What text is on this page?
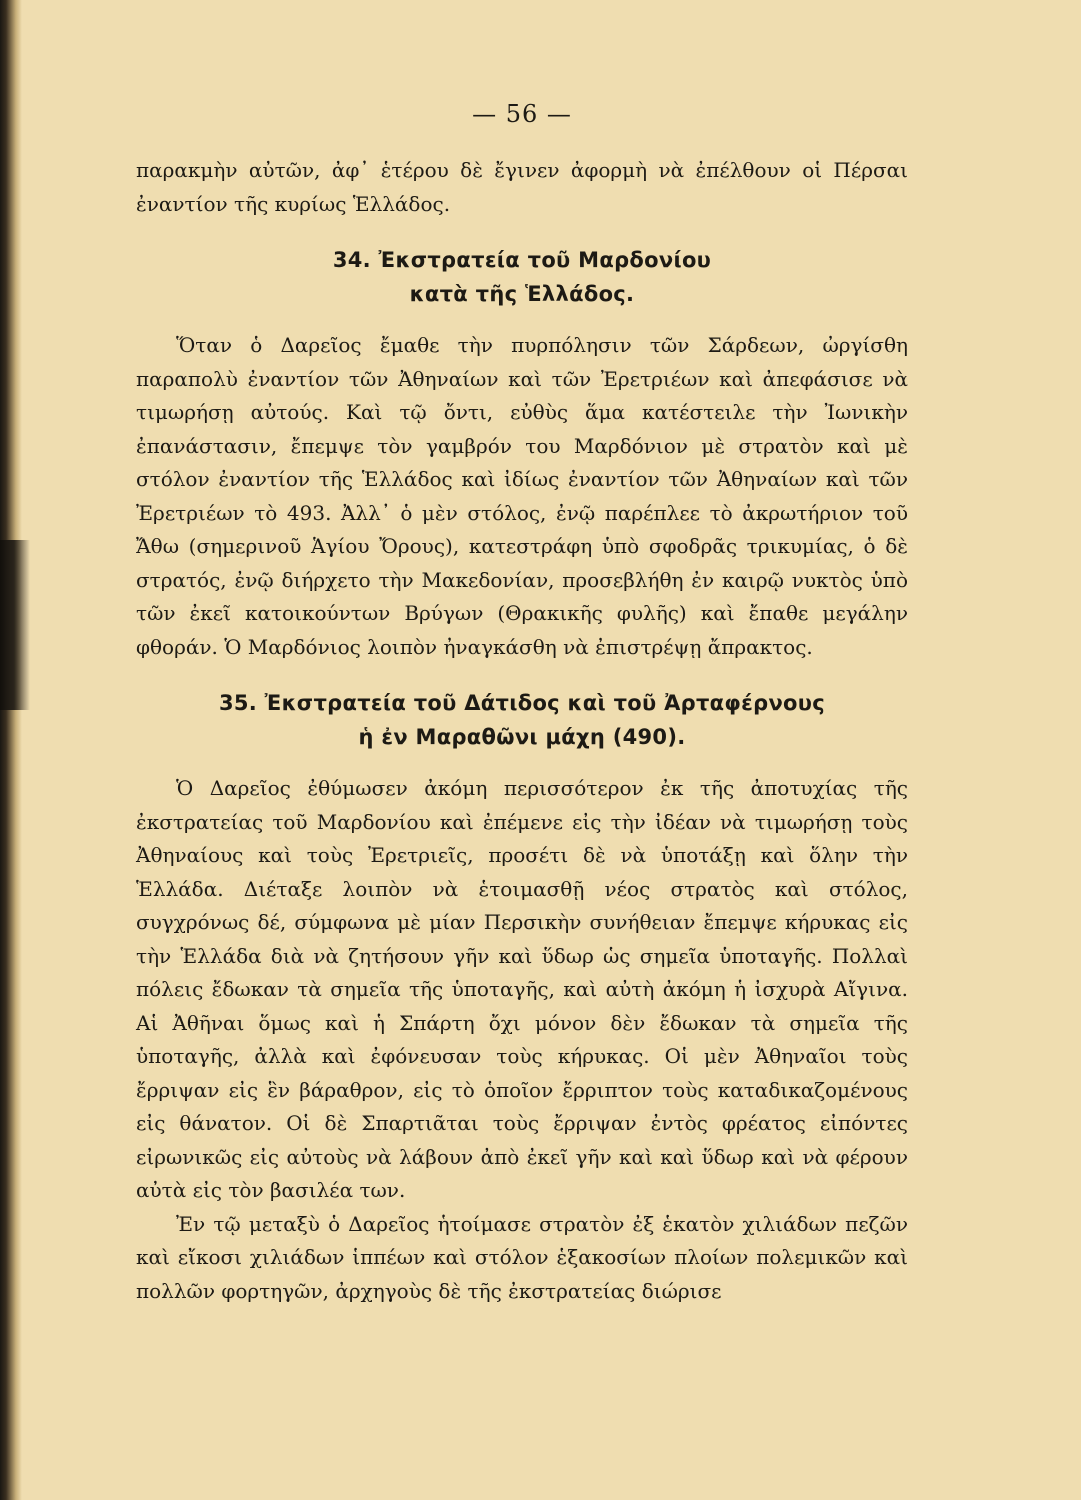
— 56 —

παρακμὴν αὐτῶν, ἀφ᾿ ἑτέρου δὲ ἔγινεν ἀφορμὴ νὰ ἐπέλθουν οἱ Πέρσαι ἐναντίον τῆς κυρίως Ἑλλάδος.

34. Ἐκστρατεία τοῦ Μαρδονίου
κατὰ τῆς Ἑλλάδος.

Ὅταν ὁ Δαρεῖος ἔμαθε τὴν πυρπόλησιν τῶν Σάρδεων, ὠργίσθη παραπολὺ ἐναντίον τῶν Ἀθηναίων καὶ τῶν Ἐρετριέων καὶ ἀπεφάσισε νὰ τιμωρήσῃ αὐτούς. Καὶ τῷ ὄντι, εὐθὺς ἅμα κατέστειλε τὴν Ἰωνικὴν ἐπανάστασιν, ἔπεμψε τὸν γαμβρόν του Μαρδόνιον μὲ στρατὸν καὶ μὲ στόλον ἐναντίον τῆς Ἑλλάδος καὶ ἰδίως ἐναντίον τῶν Ἀθηναίων καὶ τῶν Ἐρετριέων τὸ 493. Ἀλλ᾿ ὁ μὲν στόλος, ἐνῷ παρέπλεε τὸ ἀκρωτήριον τοῦ Ἄθω (σημερινοῦ Ἁγίου Ὄρους), κατεστράφη ὑπὸ σφοδρᾶς τρικυμίας, ὁ δὲ στρατός, ἐνῷ διήρχετο τὴν Μακεδονίαν, προσεβλήθη ἐν καιρῷ νυκτὸς ὑπὸ τῶν ἐκεῖ κατοικούντων Βρύγων (Θρακικῆς φυλῆς) καὶ ἔπαθε μεγάλην φθοράν. Ὁ Μαρδόνιος λοιπὸν ἠναγκάσθη νὰ ἐπιστρέψῃ ἄπρακτος.

35. Ἐκστρατεία τοῦ Δάτιδος καὶ τοῦ Ἀρταφέρνους
ἡ ἐν Μαραθῶνι μάχη (490).

Ὁ Δαρεῖος ἐθύμωσεν ἀκόμη περισσότερον ἐκ τῆς ἀποτυχίας τῆς ἐκστρατείας τοῦ Μαρδονίου καὶ ἐπέμενε εἰς τὴν ἰδέαν νὰ τιμωρήσῃ τοὺς Ἀθηναίους καὶ τοὺς Ἐρετριεῖς, προσέτι δὲ νὰ ὑποτάξῃ καὶ ὅλην τὴν Ἑλλάδα. Διέταξε λοιπὸν νὰ ἑτοιμασθῇ νέος στρατὸς καὶ στόλος, συγχρόνως δέ, σύμφωνα μὲ μίαν Περσικὴν συνήθειαν ἔπεμψε κήρυκας εἰς τὴν Ἑλλάδα διὰ νὰ ζητήσουν γῆν καὶ ὕδωρ ὡς σημεῖα ὑποταγῆς. Πολλαὶ πόλεις ἔδωκαν τὰ σημεῖα τῆς ὑποταγῆς, καὶ αὐτὴ ἀκόμη ἡ ἰσχυρὰ Αἴγινα. Αἱ Ἀθῆναι ὅμως καὶ ἡ Σπάρτη ὄχι μόνον δὲν ἔδωκαν τὰ σημεῖα τῆς ὑποταγῆς, ἀλλὰ καὶ ἐφόνευσαν τοὺς κήρυκας. Οἱ μὲν Ἀθηναῖοι τοὺς ἔρριψαν εἰς ἓν βάραθρον, εἰς τὸ ὁποῖον ἔρριπτον τοὺς καταδικαζομένους εἰς θάνατον. Οἱ δὲ Σπαρτιᾶται τοὺς ἔρριψαν ἐντὸς φρέατος εἰπόντες εἰρωνικῶς εἰς αὐτοὺς νὰ λάβουν ἀπὸ ἐκεῖ γῆν καὶ καὶ ὕδωρ καὶ νὰ φέρουν αὐτὰ εἰς τὸν βασιλέα των.

Ἐν τῷ μεταξὺ ὁ Δαρεῖος ἡτοίμασε στρατὸν ἐξ ἑκατὸν χιλιάδων πεζῶν καὶ εἴκοσι χιλιάδων ἱππέων καὶ στόλον ἑξακοσίων πλοίων πολεμικῶν καὶ πολλῶν φορτηγῶν, ἀρχηγοὺς δὲ τῆς ἐκστρατείας διώρισε
